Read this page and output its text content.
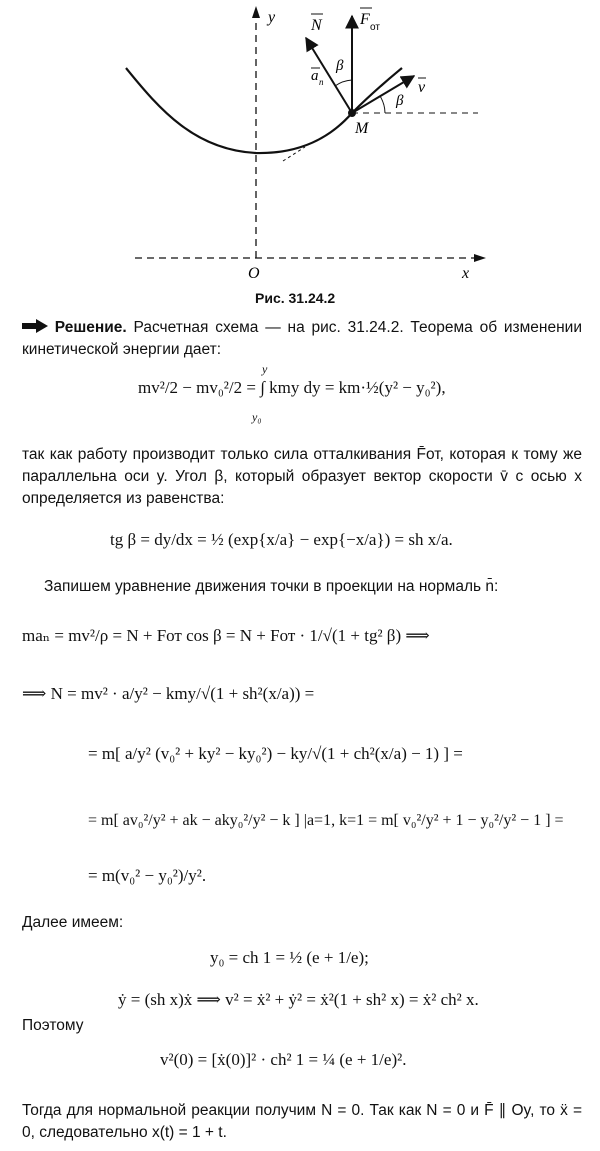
y
x
O
M
N F от
a n	v
β
β
Рис. 31.24.2
Решение. Расчетная схема — на рис. 31.24.2. Теорема об изменении кинетической энергии дает:
mv²/2 − mv₀²/2 = ∫ kmy dy = km·½(y² − y₀²),
y
y₀
так как работу производит только сила отталкивания F̄от, которая к тому же параллельна оси y. Угол β, который образует вектор скорости v̄ с осью x определяется из равенства:
tg β = dy/dx = ½ (exp{x/a} − exp{−x/a}) = sh x/a.
Запишем уравнение движения точки в проекции на нормаль n̄:
maₙ = mv²/ρ = N + Fот cos β = N + Fот · 1/√(1 + tg² β) ⟹
⟹ N = mv² · a/y² − kmy/√(1 + sh²(x/a)) =
= m[ a/y² (v₀² + ky² − ky₀²) − ky/√(1 + ch²(x/a) − 1) ] =
= m[ av₀²/y² + ak − aky₀²/y² − k ] |a=1, k=1 = m[ v₀²/y² + 1 − y₀²/y² − 1 ] =
= m(v₀² − y₀²)/y².
Далее имеем:
y₀ = ch 1 = ½ (e + 1/e);
ẏ = (sh x)ẋ ⟹ v² = ẋ² + ẏ² = ẋ²(1 + sh² x) = ẋ² ch² x.
Поэтому
v²(0) = [ẋ(0)]² · ch² 1 = ¼ (e + 1/e)².
Тогда для нормальной реакции получим N = 0. Так как N = 0 и F̄ ∥ Oy, то ẍ = 0, следовательно x(t) = 1 + t.
